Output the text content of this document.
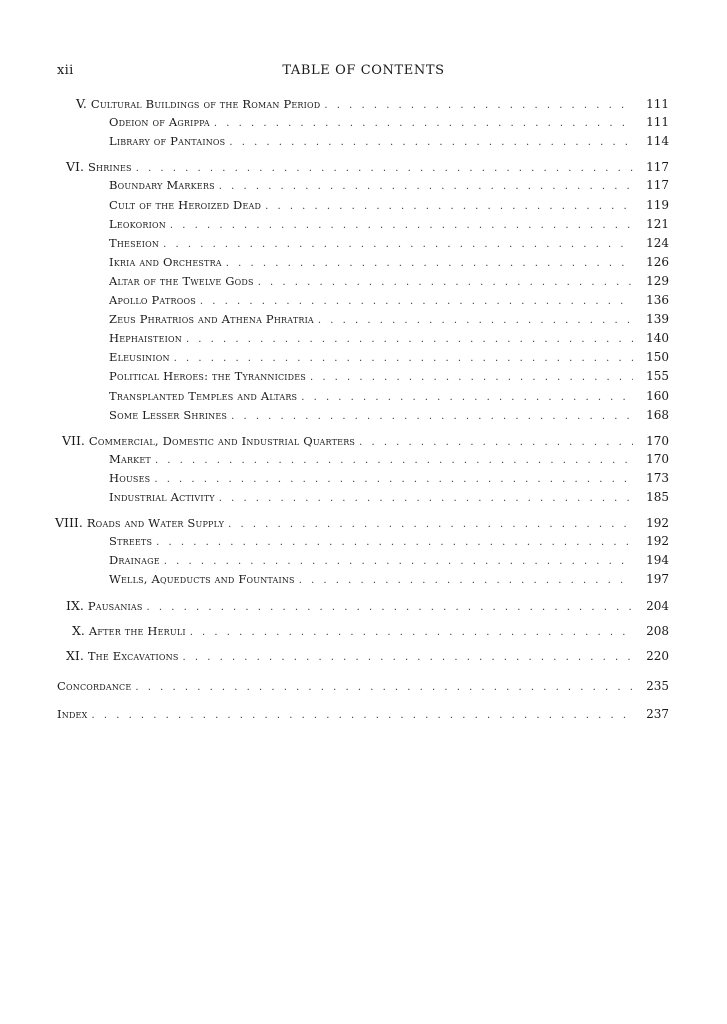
xii	TABLE OF CONTENTS
V. Cultural Buildings of the Roman Period . . .	111
Odeion of Agrippa . . .	111
Library of Pantainos . . .	114
VI. Shrines . . .	117
Boundary Markers . . .	117
Cult of the Heroized Dead . . .	119
Leokorion . . .	121
Theseion . . .	124
Ikria and Orchestra . . .	126
Altar of the Twelve Gods . . .	129
Apollo Patroos . . .	136
Zeus Phratrios and Athena Phratria . . .	139
Hephaisteion . . .	140
Eleusinion . . .	150
Political Heroes: the Tyrannicides . . .	155
Transplanted Temples and Altars . . .	160
Some Lesser Shrines . . .	168
VII. Commercial, Domestic and Industrial Quarters . . .	170
Market . . .	170
Houses . . .	173
Industrial Activity . . .	185
VIII. Roads and Water Supply . . .	192
Streets . . .	192
Drainage . . .	194
Wells, Aqueducts and Fountains . . .	197
IX. Pausanias . . .	204
X. After the Heruli . . .	208
XI. The Excavations . . .	220
Concordance . . .	235
Index . . .	237
